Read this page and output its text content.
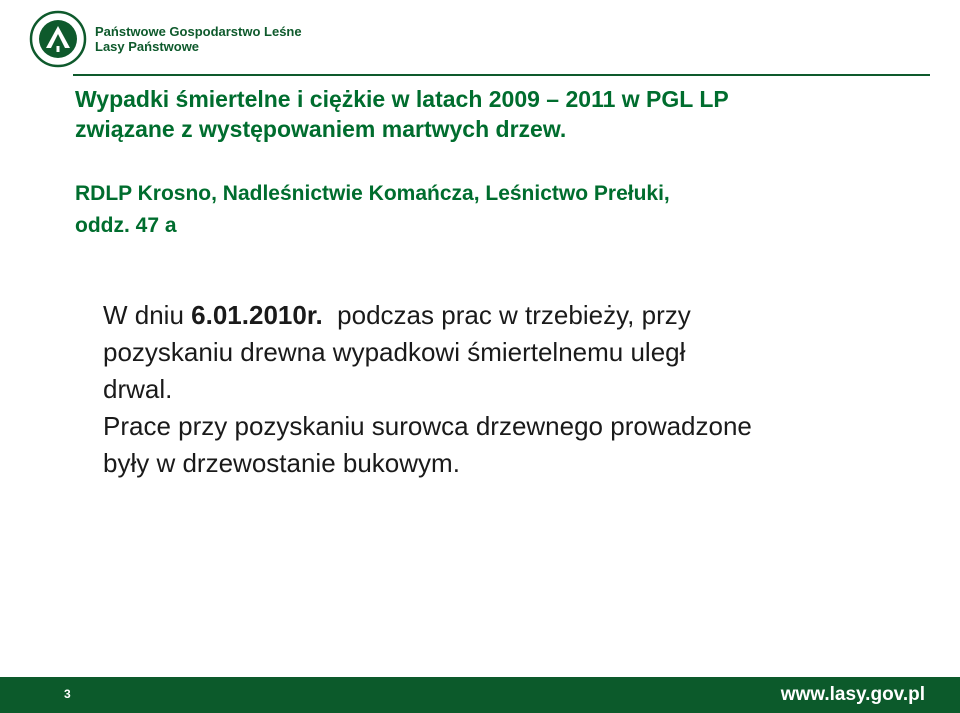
Państwowe Gospodarstwo Leśne
Lasy Państwowe
Wypadki śmiertelne i ciężkie w latach 2009 – 2011 w PGL LP
związane z występowaniem martwych drzew.
RDLP Krosno, Nadleśnictwie Komańcza, Leśnictwo Prełuki,
oddz. 47 a
W dniu 6.01.2010r.  podczas prac w trzebieży, przy
pozyskaniu drewna wypadkowi śmiertelnemu uległ
drwal.
Prace przy pozyskaniu surowca drzewnego prowadzone
były w drzewostanie bukowym.
3	www.lasy.gov.pl
